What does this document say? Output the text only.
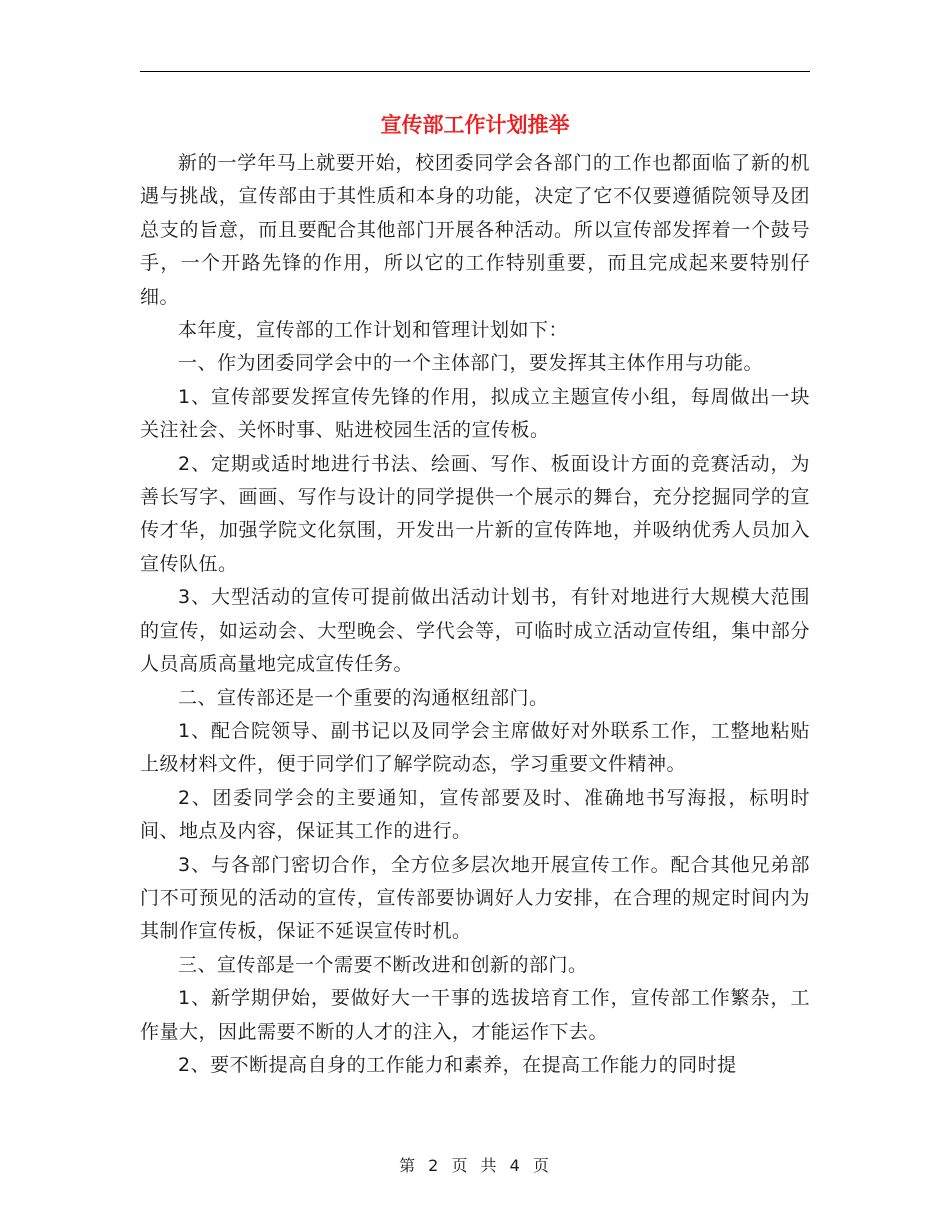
宣传部工作计划推举

新的一学年马上就要开始，校团委同学会各部门的工作也都面临了新的机遇与挑战，宣传部由于其性质和本身的功能，决定了它不仅要遵循院领导及团总支的旨意，而且要配合其他部门开展各种活动。所以宣传部发挥着一个鼓号手，一个开路先锋的作用，所以它的工作特别重要，而且完成起来要特别仔细。

本年度，宣传部的工作计划和管理计划如下：

一、作为团委同学会中的一个主体部门，要发挥其主体作用与功能。

1、宣传部要发挥宣传先锋的作用，拟成立主题宣传小组，每周做出一块关注社会、关怀时事、贴进校园生活的宣传板。

2、定期或适时地进行书法、绘画、写作、板面设计方面的竞赛活动，为善长写字、画画、写作与设计的同学提供一个展示的舞台，充分挖掘同学的宣传才华，加强学院文化氛围，开发出一片新的宣传阵地，并吸纳优秀人员加入宣传队伍。

3、大型活动的宣传可提前做出活动计划书，有针对地进行大规模大范围的宣传，如运动会、大型晚会、学代会等，可临时成立活动宣传组，集中部分人员高质高量地完成宣传任务。

二、宣传部还是一个重要的沟通枢纽部门。

1、配合院领导、副书记以及同学会主席做好对外联系工作，工整地粘贴上级材料文件，便于同学们了解学院动态，学习重要文件精神。

2、团委同学会的主要通知，宣传部要及时、准确地书写海报，标明时间、地点及内容，保证其工作的进行。

3、与各部门密切合作，全方位多层次地开展宣传工作。配合其他兄弟部门不可预见的活动的宣传，宣传部要协调好人力安排，在合理的规定时间内为其制作宣传板，保证不延误宣传时机。

三、宣传部是一个需要不断改进和创新的部门。

1、新学期伊始，要做好大一干事的选拔培育工作，宣传部工作繁杂，工作量大，因此需要不断的人才的注入，才能运作下去。

2、要不断提高自身的工作能力和素养，在提高工作能力的同时提

第 2 页 共 4 页
